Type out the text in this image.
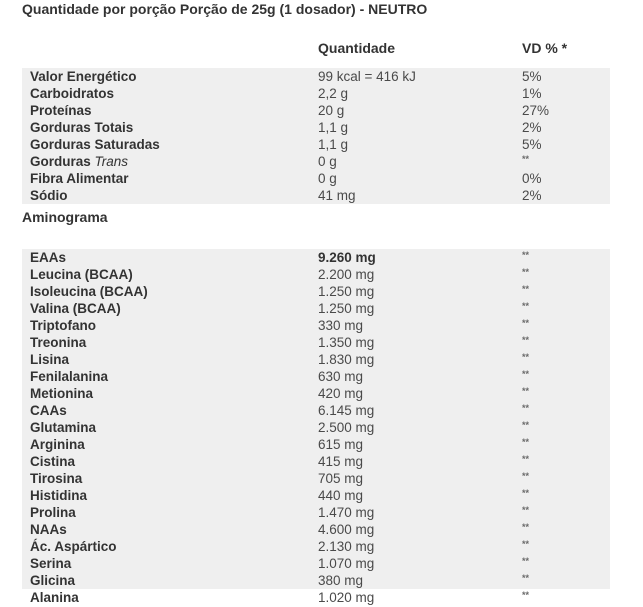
Quantidade por porção Porção de 25g (1 dosador) - NEUTRO
Quantidade	VD % *
Valor Energético	99 kcal = 416 kJ	5%
Carboidratos	2,2 g	1%
Proteínas	20 g	27%
Gorduras Totais	1,1 g	2%
Gorduras Saturadas	1,1 g	5%
Gorduras Trans	0 g	**
Fibra Alimentar	0 g	0%
Sódio	41 mg	2%
Aminograma
EAAs	9.260 mg	**
Leucina (BCAA)	2.200 mg	**
Isoleucina (BCAA)	1.250 mg	**
Valina (BCAA)	1.250 mg	**
Triptofano	330 mg	**
Treonina	1.350 mg	**
Lisina	1.830 mg	**
Fenilalanina	630 mg	**
Metionina	420 mg	**
CAAs	6.145 mg	**
Glutamina	2.500 mg	**
Arginina	615 mg	**
Cistina	415 mg	**
Tirosina	705 mg	**
Histidina	440 mg	**
Prolina	1.470 mg	**
NAAs	4.600 mg	**
Ác. Aspártico	2.130 mg	**
Serina	1.070 mg	**
Glicina	380 mg	**
Alanina	1.020 mg	**
